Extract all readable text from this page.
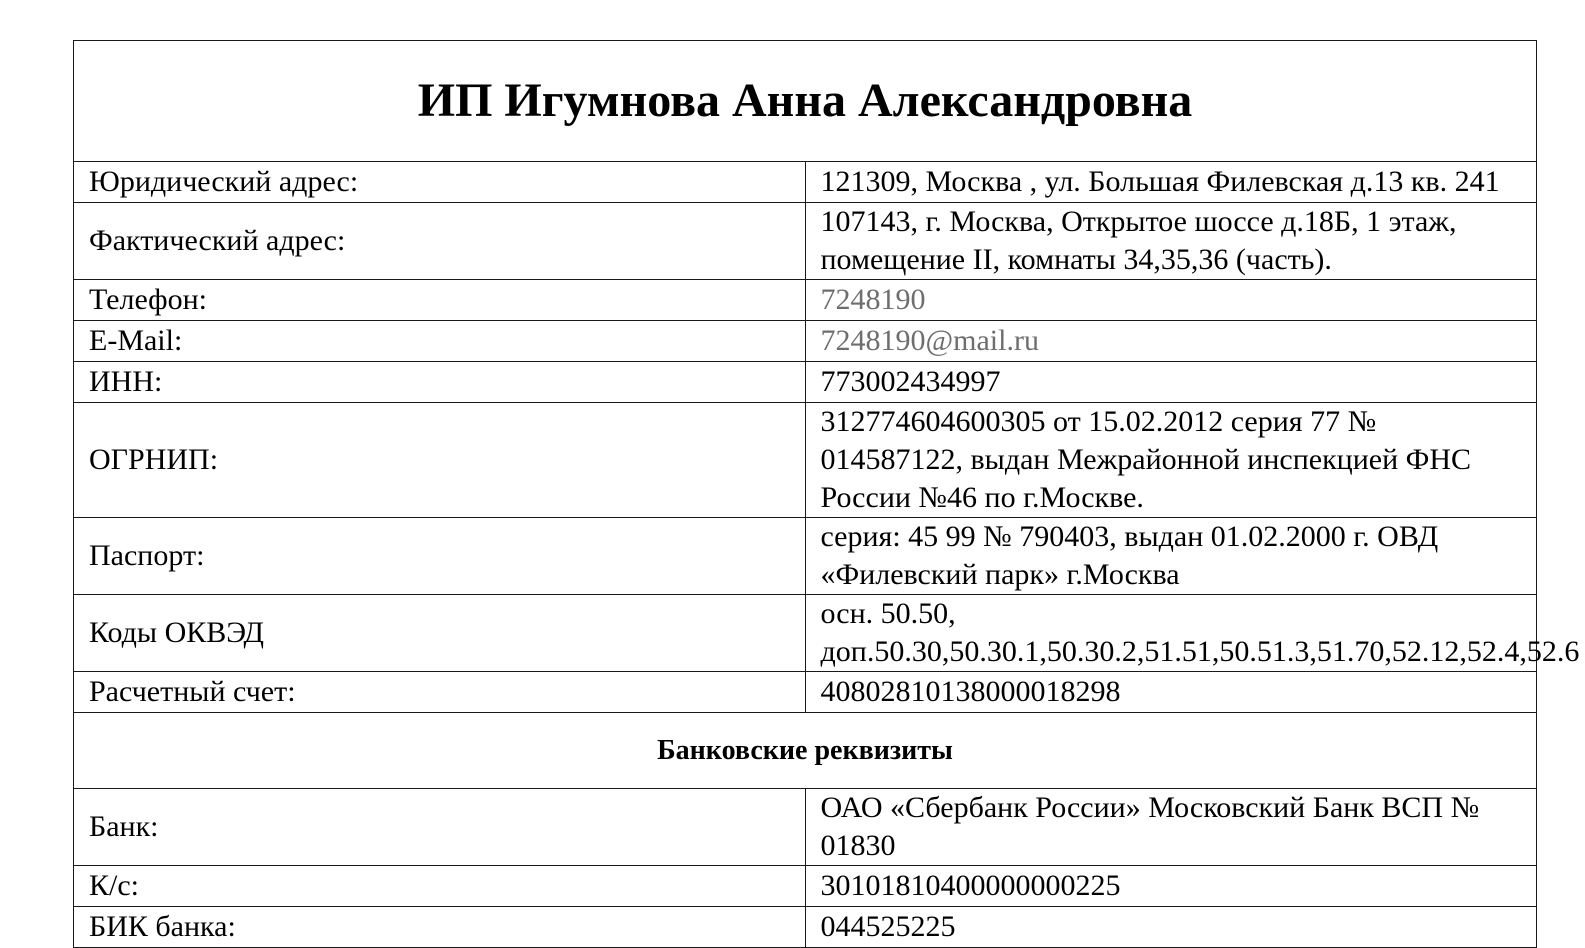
ИП Игумнова Анна Александровна	
Юридический адрес:	121309, Москва , ул. Большая Филевская д.13 кв. 241
Фактический адрес:	107143, г. Москва, Открытое шоссе д.18Б, 1 этаж, помещение II, комнаты 34,35,36 (часть).
Телефон:	7248190
E-Mail:	7248190@mail.ru
ИНН:	773002434997
ОГРНИП:	312774604600305 от 15.02.2012 серия 77 № 014587122, выдан Межрайонной инспекцией ФНС России №46 по г.Москве.
Паспорт:	серия: 45 99 № 790403, выдан 01.02.2000 г. ОВД «Филевский парк» г.Москва
Коды ОКВЭД	осн. 50.50, доп.50.30,50.30.1,50.30.2,51.51,50.51.3,51.70,52.12,52.4,52.6
Расчетный счет:	40802810138000018298
Банковские реквизиты	
Банк:	ОАО «Сбербанк России» Московский Банк ВСП № 01830
К/с:	30101810400000000225
БИК банка:	044525225
